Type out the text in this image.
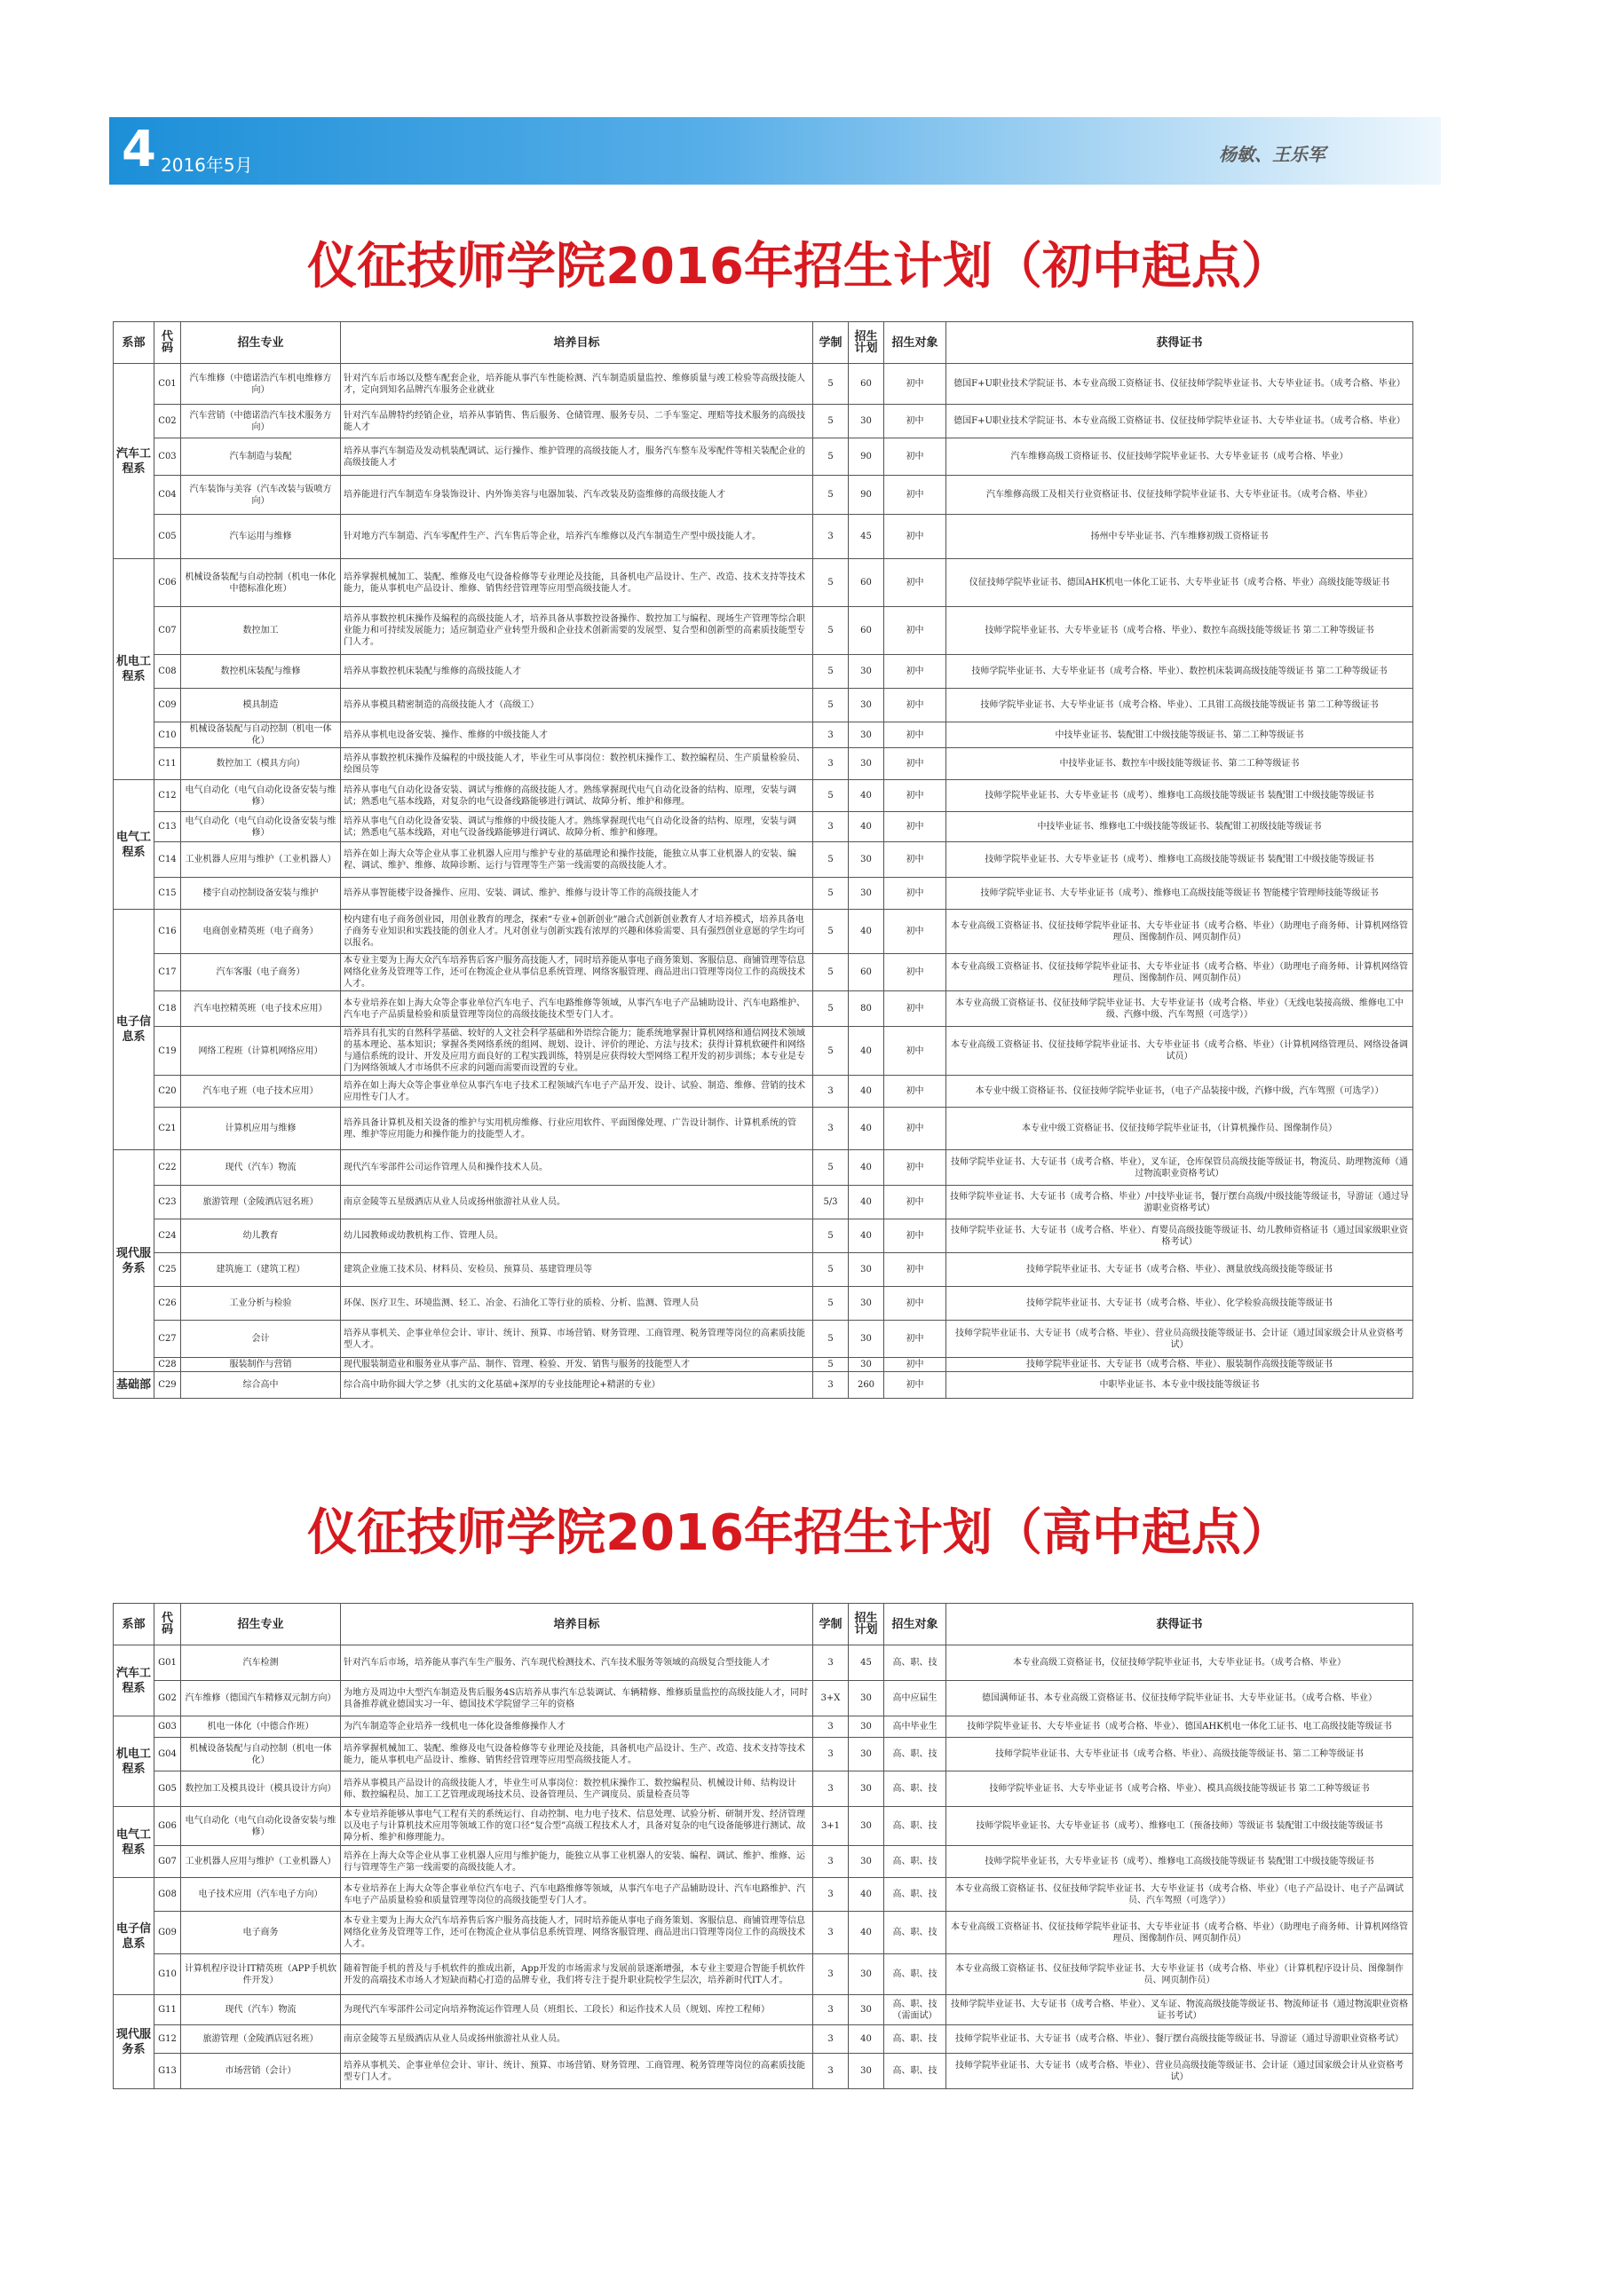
4 2016年5月	杨敏、王乐军
仪征技师学院2016年招生计划（初中起点）
系部	代码	招生专业	培养目标	学制	招生计划	招生对象	获得证书
汽车工程系	C01	汽车维修（中德诺浩汽车机电维修方向）	针对汽车后市场以及整车配套企业，培养能从事汽车性能检测、汽车制造质量监控、维修质量与竣工检验等高级技能人才，定向到知名品牌汽车服务企业就业	5	60	初中	德国F+U职业技术学院证书、本专业高级工资格证书、仪征技师学院毕业证书、大专毕业证书。（成考合格、毕业）
	C02	汽车营销（中德诺浩汽车技术服务方向）	针对汽车品牌特约经销企业，培养从事销售、售后服务、仓储管理、服务专员、二手车鉴定、理赔等技术服务的高级技能人才	5	30	初中	德国F+U职业技术学院证书、本专业高级工资格证书、仪征技师学院毕业证书、大专毕业证书。（成考合格、毕业）
	C03	汽车制造与装配	培养从事汽车制造及发动机装配调试、运行操作、维护管理的高级技能人才，服务汽车整车及零配件等相关装配企业的高级技能人才	5	90	初中	汽车维修高级工资格证书、仪征技师学院毕业证书、大专毕业证书（成考合格、毕业）
	C04	汽车装饰与美容（汽车改装与钣喷方向）	培养能进行汽车制造车身装饰设计、内外饰美容与电器加装、汽车改装及防盗维修的高级技能人才	5	90	初中	汽车维修高级工及相关行业资格证书、仪征技师学院毕业证书、大专毕业证书。（成考合格、毕业）
	C05	汽车运用与维修	针对地方汽车制造、汽车零配件生产、汽车售后等企业，培养汽车维修以及汽车制造生产型中级技能人才。	3	45	初中	扬州中专毕业证书、汽车维修初级工资格证书
机电工程系	C06	机械设备装配与自动控制（机电一体化 中德标准化班）	培养掌握机械加工、装配、维修及电气设备检修等专业理论及技能，具备机电产品设计、生产、改造、技术支持等技术能力，能从事机电产品设计、维修、销售经营管理等应用型高级技能人才。	5	60	初中	仪征技师学院毕业证书、德国AHK机电一体化工证书、大专毕业证书（成考合格、毕业）高级技能等级证书
	C07	数控加工	培养从事数控机床操作及编程的高级技能人才，培养具备从事数控设备操作、数控加工与编程、现场生产管理等综合职业能力和可持续发展能力；适应制造业产业转型升级和企业技术创新需要的发展型、复合型和创新型的高素质技能型专门人才。	5	60	初中	技师学院毕业证书、大专毕业证书（成考合格、毕业）、数控车高级技能等级证书 第二工种等级证书
	C08	数控机床装配与维修	培养从事数控机床装配与维修的高级技能人才	5	30	初中	技师学院毕业证书、大专毕业证书（成考合格、毕业）、数控机床装调高级技能等级证书 第二工种等级证书
	C09	模具制造	培养从事模具精密制造的高级技能人才（高级工）	5	30	初中	技师学院毕业证书、大专毕业证书（成考合格、毕业）、工具钳工高级技能等级证书 第二工种等级证书
	C10	机械设备装配与自动控制（机电一体化）	培养从事机电设备安装、操作、维修的中级技能人才	3	30	初中	中技毕业证书、装配钳工中级技能等级证书、第二工种等级证书
	C11	数控加工（模具方向）	培养从事数控机床操作及编程的中级技能人才，毕业生可从事岗位：数控机床操作工、数控编程员、生产质量检验员、绘图员等	3	30	初中	中技毕业证书、数控车中级技能等级证书、第二工种等级证书
电气工程系	C12	电气自动化（电气自动化设备安装与维修）	培养从事电气自动化设备安装、调试与维修的高级技能人才。熟练掌握现代电气自动化设备的结构、原理，安装与调试；熟悉电气基本线路，对复杂的电气设备线路能够进行调试、故障分析、维护和修理。	5	40	初中	技师学院毕业证书、大专毕业证书（成考）、维修电工高级技能等级证书 装配钳工中级技能等级证书
	C13	电气自动化（电气自动化设备安装与维修）	培养从事电气自动化设备安装、调试与维修的中级技能人才。熟练掌握现代电气自动化设备的结构、原理，安装与调试；熟悉电气基本线路，对电气设备线路能够进行调试、故障分析、维护和修理。	3	40	初中	中技毕业证书、维修电工中级技能等级证书、装配钳工初级技能等级证书
	C14	工业机器人应用与维护（工业机器人）	培养在如上海大众等企业从事工业机器人应用与维护专业的基础理论和操作技能，能独立从事工业机器人的安装、编程、调试、维护、维修、故障诊断、运行与管理等生产第一线需要的高级技能人才。	5	30	初中	技师学院毕业证书、大专毕业证书（成考）、维修电工高级技能等级证书 装配钳工中级技能等级证书
	C15	楼宇自动控制设备安装与维护	培养从事智能楼宇设备操作、应用、安装、调试、维护、维修与设计等工作的高级技能人才	5	30	初中	技师学院毕业证书、大专毕业证书（成考）、维修电工高级技能等级证书 智能楼宇管理师技能等级证书
电子信息系	C16	电商创业精英班（电子商务）	校内建有电子商务创业园，用创业教育的理念，探索“专业+创新创业”融合式创新创业教育人才培养模式，培养具备电子商务专业知识和实践技能的创业人才。凡对创业与创新实践有浓厚的兴趣和体验需要、具有强烈创业意愿的学生均可以报名。	5	40	初中	本专业高级工资格证书、仪征技师学院毕业证书、大专毕业证书（成考合格、毕业）（助理电子商务师、计算机网络管理员、图像制作员、网页制作员）
	C17	汽车客服（电子商务）	本专业主要为上海大众汽车培养售后客户服务高技能人才，同时培养能从事电子商务策划、客服信息、商铺管理等信息网络化业务及管理等工作，还可在物流企业从事信息系统管理、网络客服管理、商品进出口管理等岗位工作的高级技术人才。	5	60	初中	本专业高级工资格证书、仪征技师学院毕业证书、大专毕业证书（成考合格、毕业）（助理电子商务师、计算机网络管理员、图像制作员、网页制作员）
	C18	汽车电控精英班（电子技术应用）	本专业培养在如上海大众等企事业单位汽车电子、汽车电路维修等领域，从事汽车电子产品辅助设计、汽车电路维护、汽车电子产品质量检验和质量管理等岗位的高级技能技术型专门人才。	5	80	初中	本专业高级工资格证书、仪征技师学院毕业证书、大专毕业证书（成考合格、毕业）（无线电装接高级、维修电工中级、汽修中级、汽车驾照（可选学））
	C19	网络工程班（计算机网络应用）	培养具有扎实的自然科学基础、较好的人文社会科学基础和外语综合能力；能系统地掌握计算机网络和通信网技术领域的基本理论、基本知识；掌握各类网络系统的组网、规划、设计、评价的理论、方法与技术；获得计算机软硬件和网络与通信系统的设计、开发及应用方面良好的工程实践训练，特别是应获得较大型网络工程开发的初步训练；本专业是专门为网络领域人才市场供不应求的问题而需要而设置的专业。	5	40	初中	本专业高级工资格证书、仪征技师学院毕业证书、大专毕业证书（成考合格、毕业）（计算机网络管理员、网络设备调试员）
	C20	汽车电子班（电子技术应用）	培养在如上海大众等企事业单位从事汽车电子技术工程领域汽车电子产品开发、设计、试验、制造、维修、营销的技术应用性专门人才。	3	40	初中	本专业中级工资格证书、仪征技师学院毕业证书，（电子产品装接中级，汽修中级，汽车驾照（可选学））
	C21	计算机应用与维修	培养具备计算机及相关设备的维护与实用机房维修、行业应用软件、平面图像处理、广告设计制作、计算机系统的管理、维护等应用能力和操作能力的技能型人才。	3	40	初中	本专业中级工资格证书、仪征技师学院毕业证书，（计算机操作员、图像制作员）
现代服务系	C22	现代（汽车）物流	现代汽车零部件公司运作管理人员和操作技术人员。	5	40	初中	技师学院毕业证书、大专证书（成考合格、毕业），叉车证，仓库保管员高级技能等级证书，物流员、助理物流师（通过物流职业资格考试）
	C23	旅游管理（金陵酒店冠名班）	南京金陵等五星级酒店从业人员或扬州旅游社从业人员。	5/3	40	初中	技师学院毕业证书、大专证书（成考合格、毕业）/中技毕业证书，餐厅摆台高级/中级技能等级证书，导游证（通过导游职业资格考试）
	C24	幼儿教育	幼儿园教师或幼教机构工作、管理人员。	5	40	初中	技师学院毕业证书、大专证书（成考合格、毕业）、育婴员高级技能等级证书、幼儿教师资格证书（通过国家级职业资格考试）
	C25	建筑施工（建筑工程）	建筑企业施工技术员、材料员、安检员、预算员、基建管理员等	5	30	初中	技师学院毕业证书、大专证书（成考合格、毕业）、测量放线高级技能等级证书
	C26	工业分析与检验	环保、医疗卫生、环境监测、轻工、冶金、石油化工等行业的质检、分析、监测、管理人员	5	30	初中	技师学院毕业证书、大专证书（成考合格、毕业）、化学检验高级技能等级证书
	C27	会计	培养从事机关、企事业单位会计、审计、统计、预算、市场营销、财务管理、工商管理、税务管理等岗位的高素质技能型人才。	5	30	初中	技师学院毕业证书、大专证书（成考合格、毕业）、营业员高级技能等级证书、会计证（通过国家级会计从业资格考试）
	C28	服装制作与营销	现代服装制造业和服务业从事产品、制作、管理、检验、开发、销售与服务的技能型人才	5	30	初中	技师学院毕业证书、大专证书（成考合格、毕业）、服装制作高级技能等级证书
基础部	C29	综合高中	综合高中助你圆大学之梦（扎实的文化基础+深厚的专业技能理论+精湛的专业）	3	260	初中	中职毕业证书、本专业中级技能等级证书
仪征技师学院2016年招生计划（高中起点）
系部	代码	招生专业	培养目标	学制	招生计划	招生对象	获得证书
汽车工程系	G01	汽车检测	针对汽车后市场，培养能从事汽车生产服务、汽车现代检测技术、汽车技术服务等领域的高级复合型技能人才	3	45	高、职、技	本专业高级工资格证书，仪征技师学院毕业证书，大专毕业证书。（成考合格、毕业）
	G02	汽车维修（德国汽车精修双元制方向）	为地方及周边中大型汽车制造及售后服务4S店培养从事汽车总装调试、车辆精修、维修质量监控的高级技能人才，同时具备推荐就业德国实习一年、德国技术学院留学三年的资格	3+X	30	高中应届生	德国满师证书、本专业高级工资格证书、仪征技师学院毕业证书、大专毕业证书。（成考合格、毕业）
机电工程系	G03	机电一体化（中德合作班）	为汽车制造等企业培养一线机电一体化设备维修操作人才	3	30	高中毕业生	技师学院毕业证书、大专毕业证书（成考合格、毕业）、德国AHK机电一体化工证书、电工高级技能等级证书
	G04	机械设备装配与自动控制（机电一体化）	培养掌握机械加工、装配、维修及电气设备检修等专业理论及技能，具备机电产品设计、生产、改造、技术支持等技术能力，能从事机电产品设计、维修、销售经营管理等应用型高级技能人才。	3	30	高、职、技	技师学院毕业证书、大专毕业证书（成考合格、毕业）、高级技能等级证书、第二工种等级证书
	G05	数控加工及模具设计（模具设计方向）	培养从事模具产品设计的高级技能人才，毕业生可从事岗位：数控机床操作工、数控编程员、机械设计师、结构设计师、数控编程员、加工工艺管理或现场技术员、设备管理员、生产调度员、质量检查员等	3	30	高、职、技	技师学院毕业证书、大专毕业证书（成考合格、毕业）、模具高级技能等级证书 第二工种等级证书
电气工程系	G06	电气自动化（电气自动化设备安装与维修）	本专业培养能够从事电气工程有关的系统运行、自动控制、电力电子技术、信息处理、试验分析、研制开发、经济管理以及电子与计算机技术应用等领域工作的宽口径“复合型”高级工程技术人才，具备对复杂的电气设备能够进行测试、故障分析、维护和修理能力。	3+1	30	高、职、技	技师学院毕业证书、大专毕业证书（成考）、维修电工（预备技师）等级证书 装配钳工中级技能等级证书
	G07	工业机器人应用与维护（工业机器人）	培养在上海大众等企业从事工业机器人应用与维护能力，能独立从事工业机器人的安装、编程、调试、维护、维修、运行与管理等生产第一线需要的高级技能人才。	3	30	高、职、技	技师学院毕业证书，大专毕业证书（成考）、维修电工高级技能等级证书 装配钳工中级技能等级证书
电子信息系	G08	电子技术应用（汽车电子方向）	本专业培养在上海大众等企事业单位汽车电子、汽车电路维修等领域，从事汽车电子产品辅助设计、汽车电路维护、汽车电子产品质量检验和质量管理等岗位的高级技能型专门人才。	3	40	高、职、技	本专业高级工资格证书、仪征技师学院毕业证书、大专毕业证书（成考合格、毕业）（电子产品设计、电子产品调试员、汽车驾照（可选学））
	G09	电子商务	本专业主要为上海大众汽车培养售后客户服务高技能人才，同时培养能从事电子商务策划、客服信息、商铺管理等信息网络化业务及管理等工作，还可在物流企业从事信息系统管理、网络客服管理、商品进出口管理等岗位工作的高级技术人才。	3	40	高、职、技	本专业高级工资格证书、仪征技师学院毕业证书、大专毕业证书（成考合格、毕业）（助理电子商务师、计算机网络管理员、图像制作员、网页制作员）
	G10	计算机程序设计IT精英班（APP手机软件开发）	随着智能手机的普及与手机软件的推成出新，App开发的市场需求与发展前景逐渐增强，本专业主要迎合智能手机软件开发的高端技术市场人才短缺而精心打造的品牌专业，我们将专注于提升职业院校学生层次，培养新时代IT人才。	3	30	高、职、技	本专业高级工资格证书、仪征技师学院毕业证书、大专毕业证书（成考合格、毕业）（计算机程序设计员、图像制作员、网页制作员）
现代服务系	G11	现代（汽车）物流	为现代汽车零部件公司定向培养物流运作管理人员（班组长、工段长）和运作技术人员（规划、库控工程师）	3	30	高、职、技（需面试）	技师学院毕业证书、大专证书（成考合格、毕业）、叉车证、物流高级技能等级证书、物流师证书（通过物流职业资格证书考试）
	G12	旅游管理（金陵酒店冠名班）	南京金陵等五星级酒店从业人员或扬州旅游社从业人员。	3	40	高、职、技	技师学院毕业证书、大专证书（成考合格、毕业）、餐厅摆台高级技能等级证书、导游证（通过导游职业资格考试）
	G13	市场营销（会计）	培养从事机关、企事业单位会计、审计、统计、预算、市场营销、财务管理、工商管理、税务管理等岗位的高素质技能型专门人才。	3	30	高、职、技	技师学院毕业证书、大专证书（成考合格、毕业）、营业员高级技能等级证书、会计证（通过国家级会计从业资格考试）
